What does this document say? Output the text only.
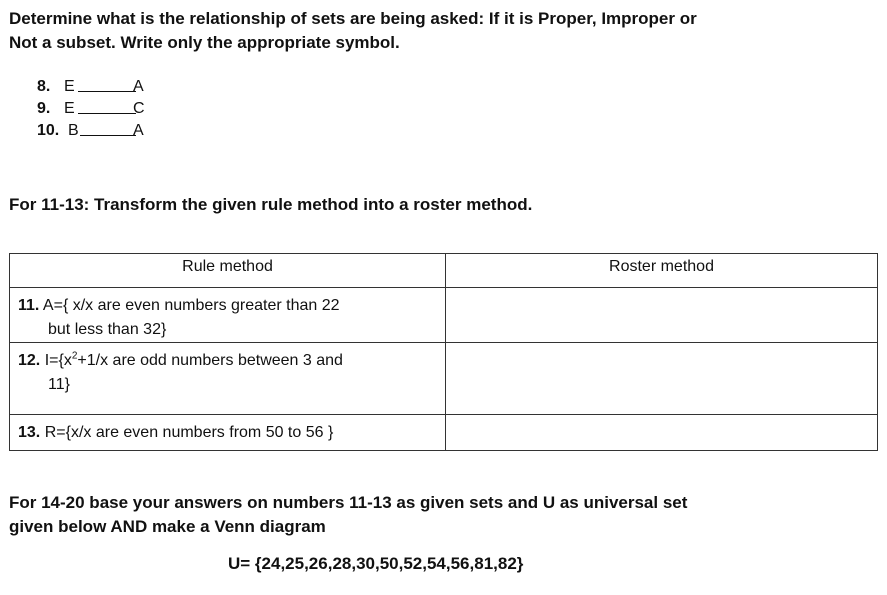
Determine what is the relationship of sets are being asked: If it is Proper, Improper or
Not a subset. Write only the appropriate symbol.
8. E	A
9. E	C
10. B	A
For 11-13: Transform the given rule method into a roster method.
Rule method	Roster method
11. A={ x/x are even numbers greater than 22
but less than 32}	
12. $I=\{x^2+1/x$ are odd numbers between 3 and
11}	
13. R={x/x are even numbers from 50 to 56 }	
For 14-20 base your answers on numbers 11-13 as given sets and U as universal set
given below AND make a Venn diagram
U= {24,25,26,28,30,50,52,54,56,81,82}
